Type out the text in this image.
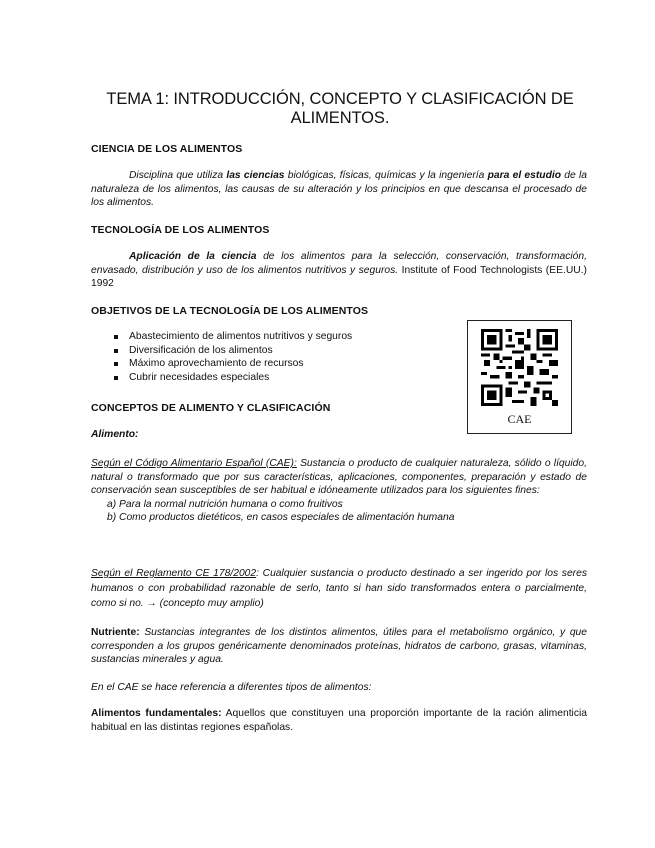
TEMA 1: INTRODUCCIÓN, CONCEPTO Y CLASIFICACIÓN DE ALIMENTOS.
CIENCIA DE LOS ALIMENTOS
Disciplina que utiliza las ciencias biológicas, físicas, químicas y la ingeniería para el estudio de la naturaleza de los alimentos, las causas de su alteración y los principios en que descansa el procesado de los alimentos.
TECNOLOGÍA DE LOS ALIMENTOS
Aplicación de la ciencia de los alimentos para la selección, conservación, transformación, envasado, distribución y uso de los alimentos nutritivos y seguros. Institute of Food Technologists (EE.UU.) 1992
OBJETIVOS DE LA TECNOLOGÍA DE LOS ALIMENTOS
Abastecimiento de alimentos nutritivos y seguros
Diversificación de los alimentos
Máximo aprovechamiento de recursos
Cubrir necesidades especiales
CAE
CONCEPTOS DE ALIMENTO Y CLASIFICACIÓN
Alimento:
Según el Código Alimentario Español (CAE): Sustancia o producto de cualquier naturaleza, sólido o líquido, natural o transformado que por sus características, aplicaciones, componentes, preparación y estado de conservación sean susceptibles de ser habitual e idóneamente utilizados para los siguientes fines:
a) Para la normal nutrición humana o como fruitivos
b) Como productos dietéticos, en casos especiales de alimentación humana
Según el Reglamento CE 178/2002: Cualquier sustancia o producto destinado a ser ingerido por los seres humanos o con probabilidad razonable de serlo, tanto si han sido transformados entera o parcialmente, como si no. → (concepto muy amplio)
Nutriente: Sustancias integrantes de los distintos alimentos, útiles para el metabolismo orgánico, y que corresponden a los grupos genéricamente denominados proteínas, hidratos de carbono, grasas, vitaminas, sustancias minerales y agua.
En el CAE se hace referencia a diferentes tipos de alimentos:
Alimentos fundamentales: Aquellos que constituyen una proporción importante de la ración alimenticia habitual en las distintas regiones españolas.
